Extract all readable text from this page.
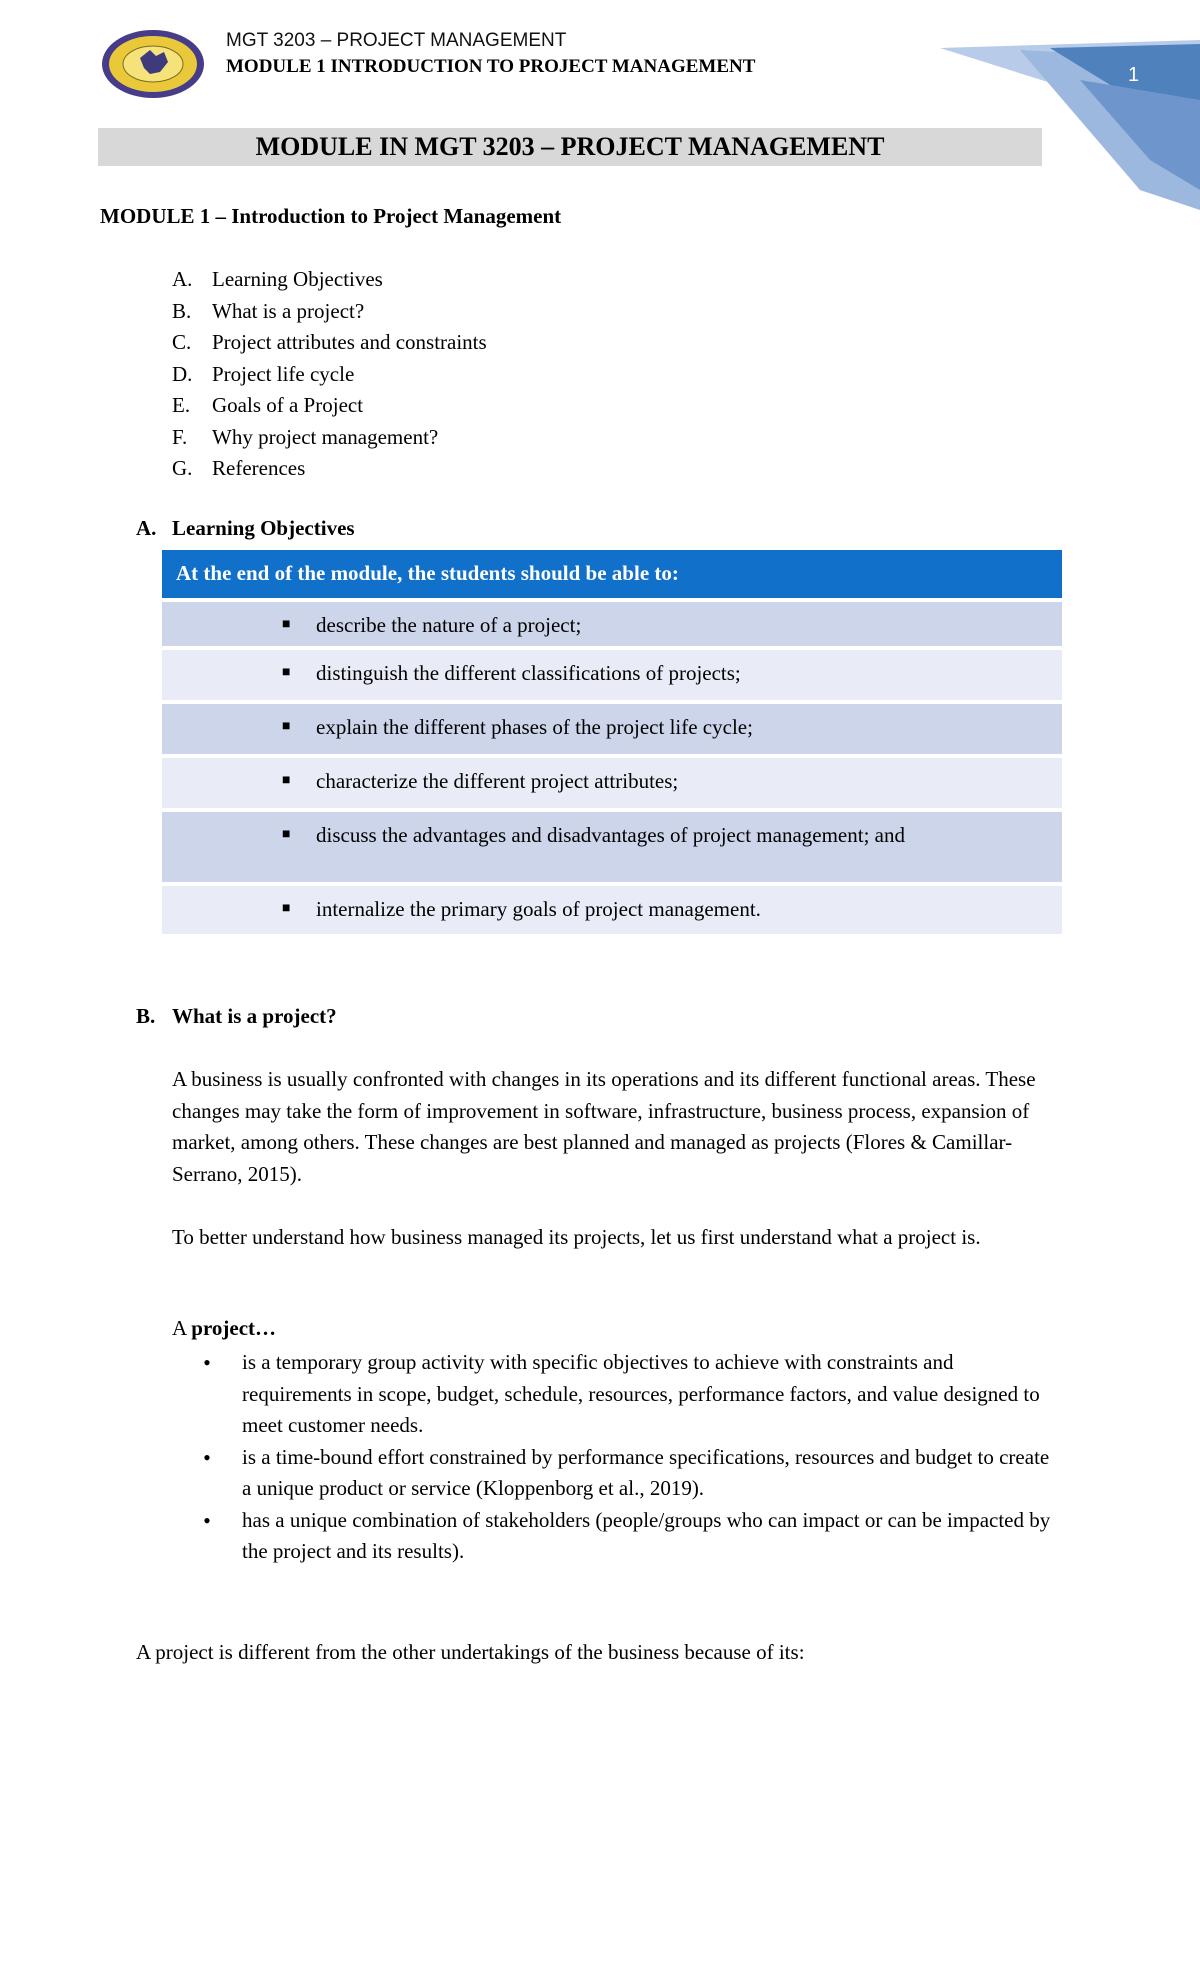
MGT 3203 – PROJECT MANAGEMENT
MODULE 1 INTRODUCTION TO PROJECT MANAGEMENT	1
MODULE IN MGT 3203 – PROJECT MANAGEMENT
MODULE 1 – Introduction to Project Management
A. Learning Objectives
B. What is a project?
C. Project attributes and constraints
D. Project life cycle
E.	Goals of a Project
F.	Why project management?
G. References
A. Learning Objectives
At the end of the module, the students should be able to:
■	describe the nature of a project;
■	distinguish the different classifications of projects;
■	explain the different phases of the project life cycle;
■	characterize the different project attributes;
■	discuss the advantages and disadvantages of project management; and
■	internalize the primary goals of project management.
B. What is a project?
A business is usually confronted with changes in its operations and its different functional areas. These changes may take the form of improvement in software, infrastructure, business process, expansion of market, among others. These changes are best planned and managed as projects (Flores & Camillar-Serrano, 2015).
To better understand how business managed its projects, let us first understand what a project is.
A project…
•	is a temporary group activity with specific objectives to achieve with constraints and requirements in scope, budget, schedule, resources, performance factors, and value designed to meet customer needs.
•	is a time-bound effort constrained by performance specifications, resources and budget to create a unique product or service (Kloppenborg et al., 2019).
•	has a unique combination of stakeholders (people/groups who can impact or can be impacted by the project and its results).
A project is different from the other undertakings of the business because of its:
